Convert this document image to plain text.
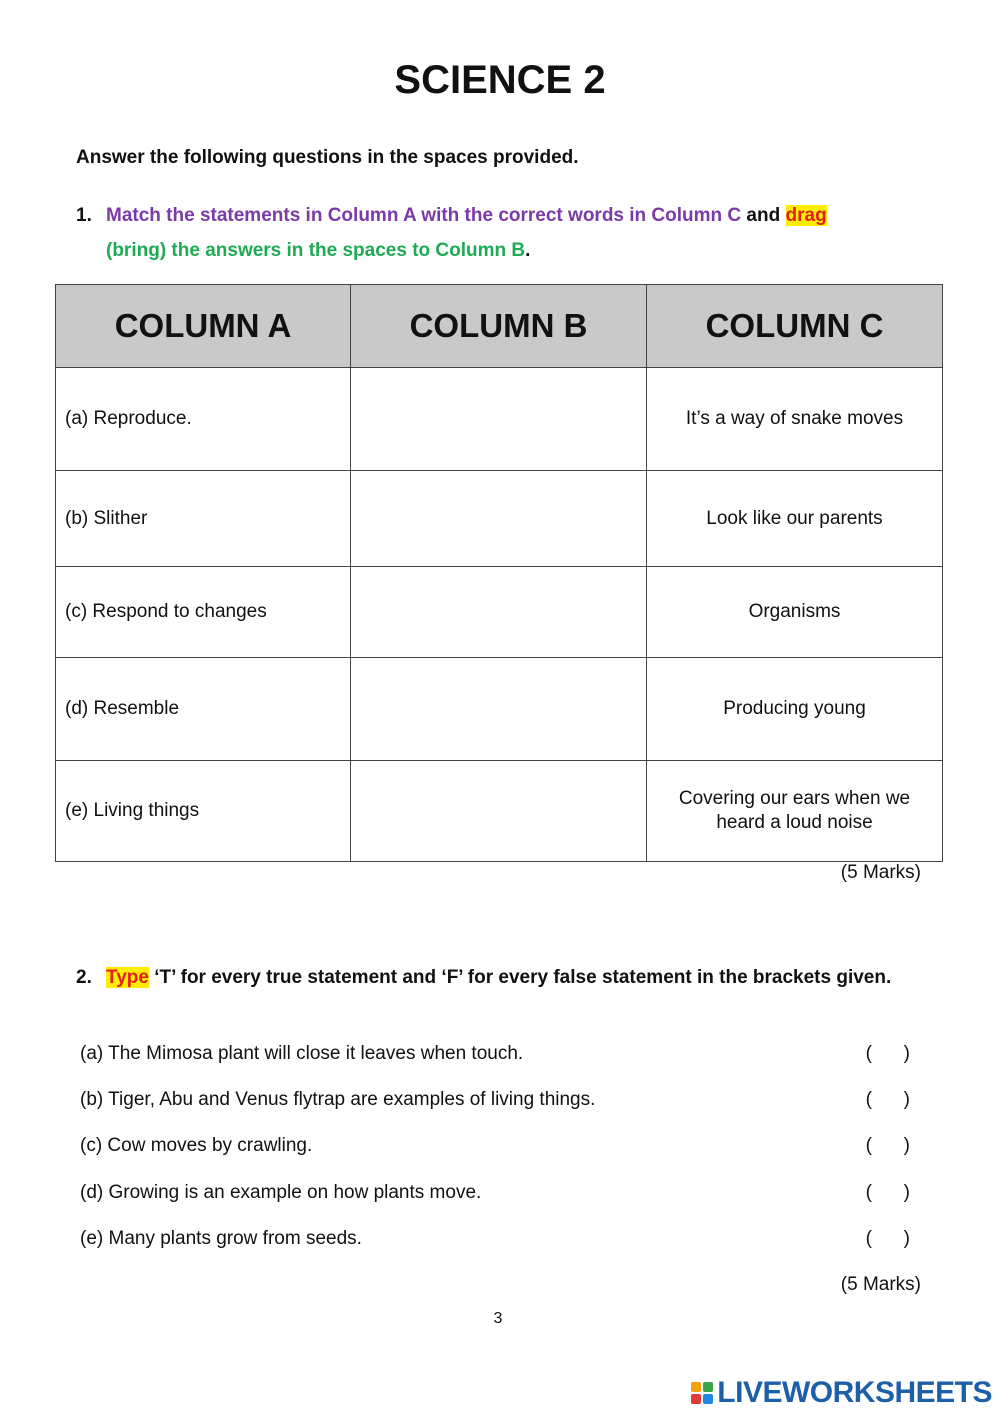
SCIENCE 2
Answer the following questions in the spaces provided.
1. Match the statements in Column A with the correct words in Column C and drag
(bring) the answers in the spaces to Column B.
COLUMN A	COLUMN B	COLUMN C
(a) Reproduce.		It’s a way of snake moves
(b) Slither		Look like our parents
(c) Respond to changes		Organisms
(d) Resemble		Producing young
(e) Living things		Covering our ears when we heard a loud noise
(5 Marks)
2. Type ‘T’ for every true statement and ‘F’ for every false statement in the brackets given.
(a) The Mimosa plant will close it leaves when touch.	(      )
(b) Tiger, Abu and Venus flytrap are examples of living things.	(      )
(c) Cow moves by crawling.	(      )
(d) Growing is an example on how plants move.	(      )
(e) Many plants grow from seeds.	(      )
(5 Marks)
3
LIVEWORKSHEETS
